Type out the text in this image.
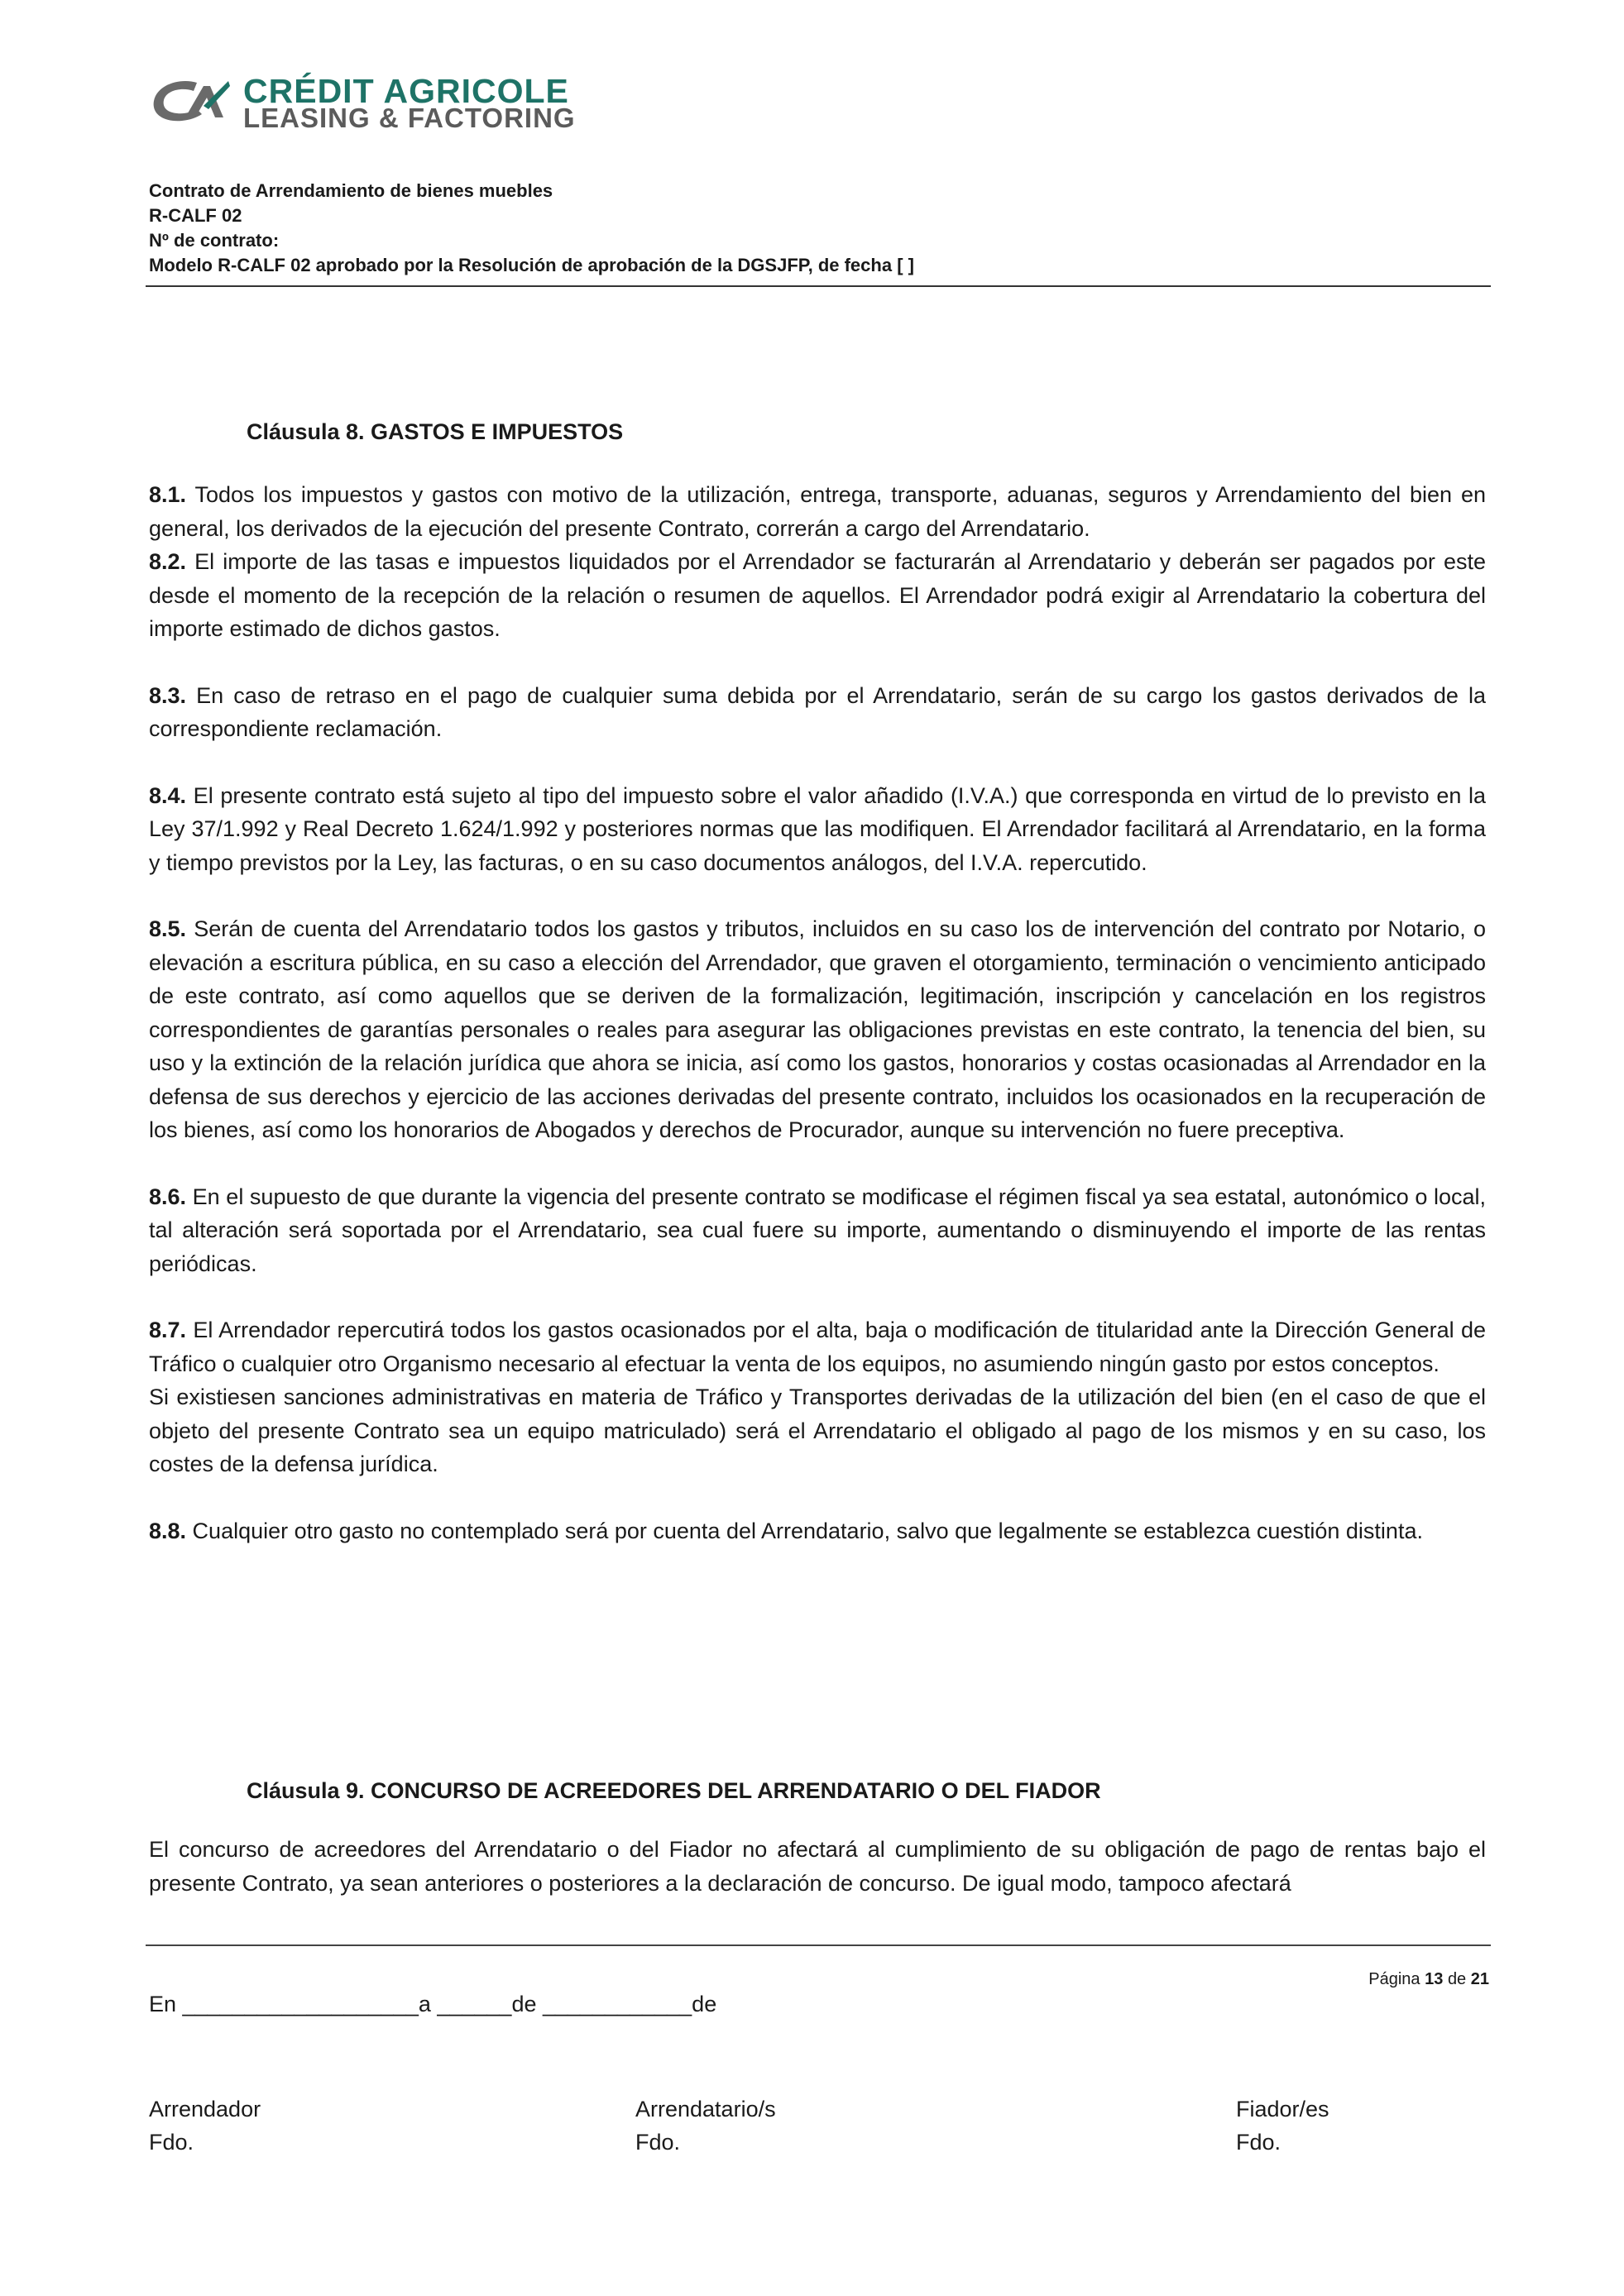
CRÉDIT AGRICOLE
LEASING & FACTORING
Contrato de Arrendamiento de bienes muebles
R-CALF 02
Nº de contrato:
Modelo R-CALF 02 aprobado por la Resolución de aprobación de la DGSJFP, de fecha [ ]
Cláusula 8. GASTOS E IMPUESTOS

8.1. Todos los impuestos y gastos con motivo de la utilización, entrega, transporte, aduanas, seguros y Arrendamiento del bien en general, los derivados de la ejecución del presente Contrato, correrán a cargo del Arrendatario.

8.2. El importe de las tasas e impuestos liquidados por el Arrendador se facturarán al Arrendatario y deberán ser pagados por este desde el momento de la recepción de la relación o resumen de aquellos. El Arrendador podrá exigir al Arrendatario la cobertura del importe estimado de dichos gastos.

8.3. En caso de retraso en el pago de cualquier suma debida por el Arrendatario, serán de su cargo los gastos derivados de la correspondiente reclamación.

8.4. El presente contrato está sujeto al tipo del impuesto sobre el valor añadido (I.V.A.) que corresponda en virtud de lo previsto en la Ley 37/1.992 y Real Decreto 1.624/1.992 y posteriores normas que las modifiquen. El Arrendador facilitará al Arrendatario, en la forma y tiempo previstos por la Ley, las facturas, o en su caso documentos análogos, del I.V.A. repercutido.

8.5. Serán de cuenta del Arrendatario todos los gastos y tributos, incluidos en su caso los de intervención del contrato por Notario, o elevación a escritura pública, en su caso a elección del Arrendador, que graven el otorgamiento, terminación o vencimiento anticipado de este contrato, así como aquellos que se deriven de la formalización, legitimación, inscripción y cancelación en los registros correspondientes de garantías personales o reales para asegurar las obligaciones previstas en este contrato, la tenencia del bien, su uso y la extinción de la relación jurídica que ahora se inicia, así como los gastos, honorarios y costas ocasionadas al Arrendador en la defensa de sus derechos y ejercicio de las acciones derivadas del presente contrato, incluidos los ocasionados en la recuperación de los bienes, así como los honorarios de Abogados y derechos de Procurador, aunque su intervención no fuere preceptiva.

8.6. En el supuesto de que durante la vigencia del presente contrato se modificase el régimen fiscal ya sea estatal, autonómico o local, tal alteración será soportada por el Arrendatario, sea cual fuere su importe, aumentando o disminuyendo el importe de las rentas periódicas.

8.7. El Arrendador repercutirá todos los gastos ocasionados por el alta, baja o modificación de titularidad ante la Dirección General de Tráfico o cualquier otro Organismo necesario al efectuar la venta de los equipos, no asumiendo ningún gasto por estos conceptos.

Si existiesen sanciones administrativas en materia de Tráfico y Transportes derivadas de la utilización del bien (en el caso de que el objeto del presente Contrato sea un equipo matriculado) será el Arrendatario el obligado al pago de los mismos y en su caso, los costes de la defensa jurídica.

8.8. Cualquier otro gasto no contemplado será por cuenta del Arrendatario, salvo que legalmente se establezca cuestión distinta.

Cláusula 9. CONCURSO DE ACREEDORES DEL ARRENDATARIO O DEL FIADOR

El concurso de acreedores del Arrendatario o del Fiador no afectará al cumplimiento de su obligación de pago de rentas bajo el presente Contrato, ya sean anteriores o posteriores a la declaración de concurso. De igual modo, tampoco afectará

Página 13 de 21
En ___________________a ______de ____________de
Arrendador
Fdo.
Arrendatario/s
Fdo.
Fiador/es
Fdo.
